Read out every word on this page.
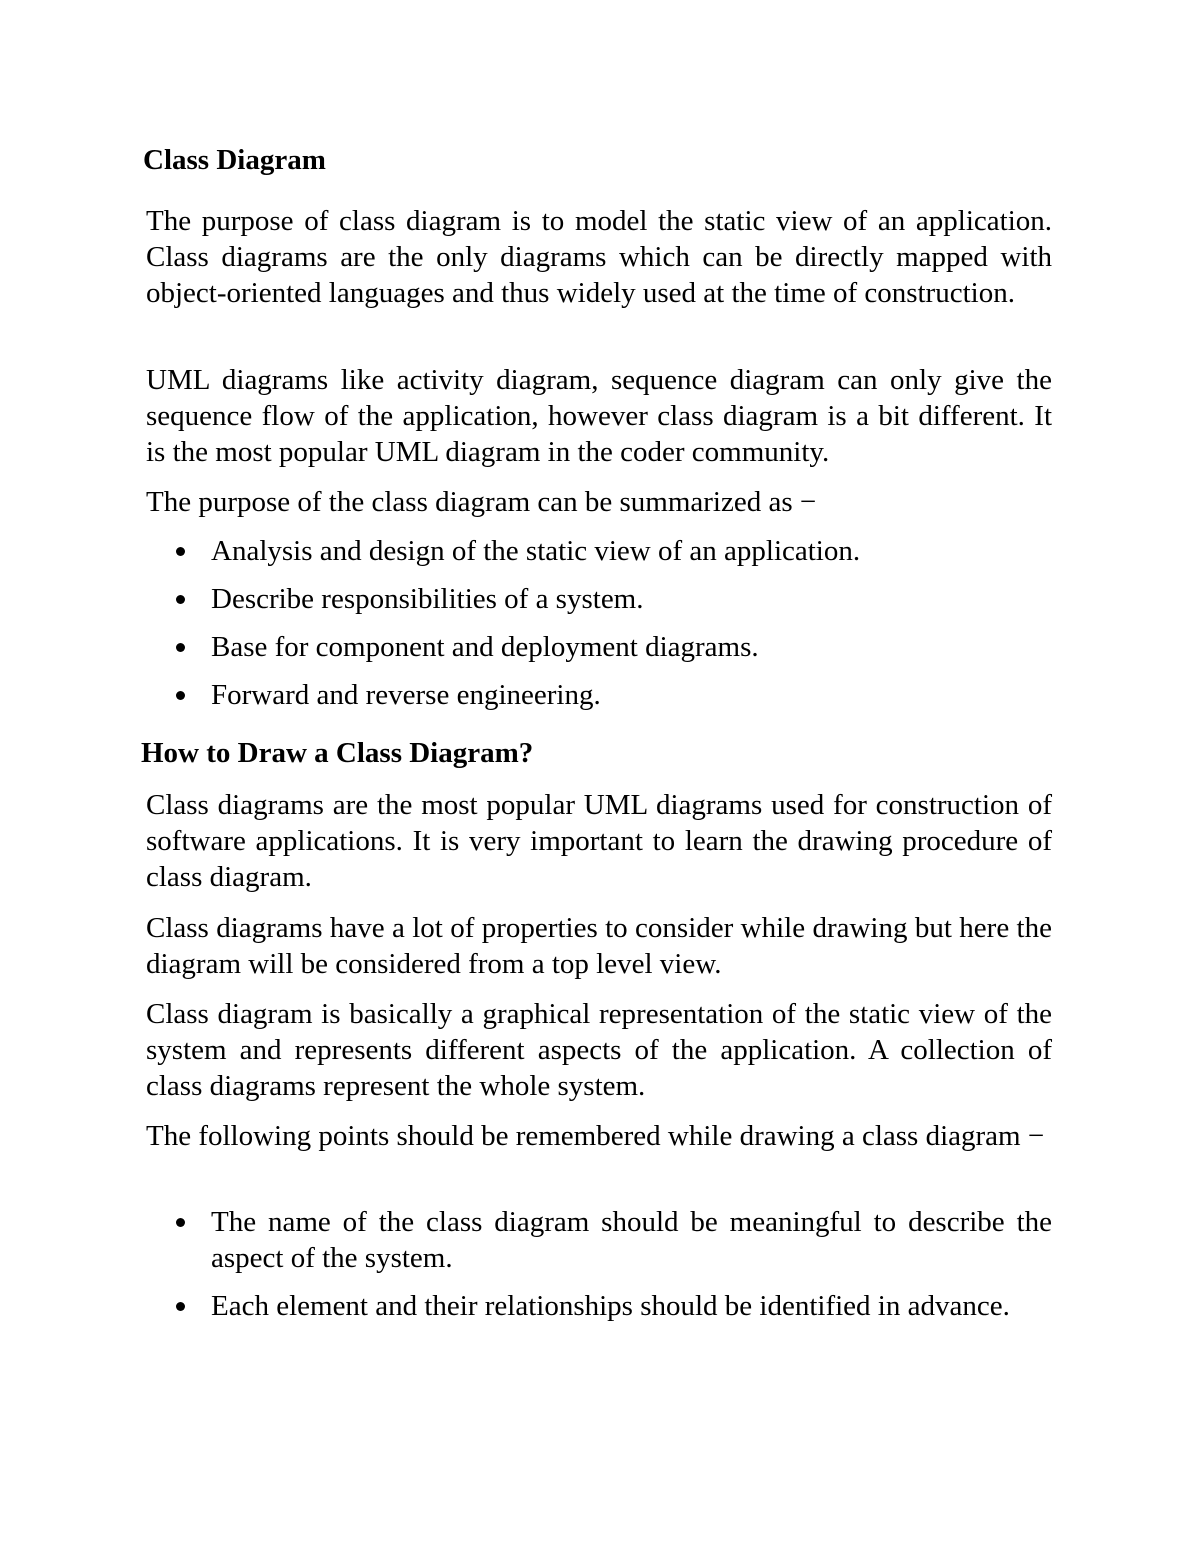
Class Diagram

The purpose of class diagram is to model the static view of an application. Class diagrams are the only diagrams which can be directly mapped with object-oriented languages and thus widely used at the time of construction.

UML diagrams like activity diagram, sequence diagram can only give the sequence flow of the application, however class diagram is a bit different. It is the most popular UML diagram in the coder community.

The purpose of the class diagram can be summarized as −

Analysis and design of the static view of an application.
Describe responsibilities of a system.
Base for component and deployment diagrams.
Forward and reverse engineering.
How to Draw a Class Diagram?

Class diagrams are the most popular UML diagrams used for construction of software applications. It is very important to learn the drawing procedure of class diagram.

Class diagrams have a lot of properties to consider while drawing but here the diagram will be considered from a top level view.

Class diagram is basically a graphical representation of the static view of the system and represents different aspects of the application. A collection of class diagrams represent the whole system.

The following points should be remembered while drawing a class diagram −

The name of the class diagram should be meaningful to describe the aspect of the system.
Each element and their relationships should be identified in advance.
